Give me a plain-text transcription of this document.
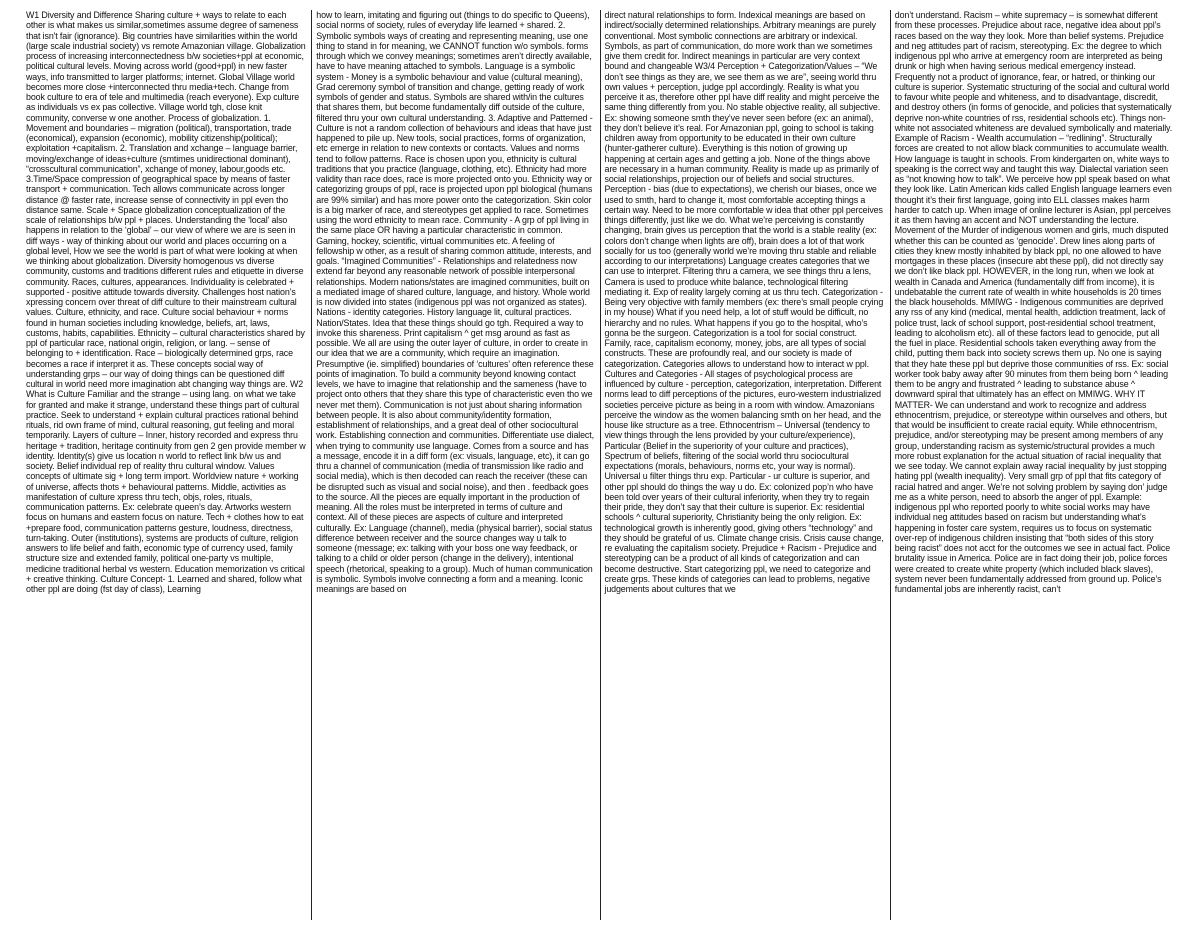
W1 Diversity and Difference Sharing culture + ways to relate to each other is what makes us similar,sometimes assume degree of sameness that isn't fair (ignorance). Big countries have similarities within the world (large scale industrial society) vs remote Amazonian village. Globalization process of increasing interconnectedness b/w societies+ppl at economic, political cultural levels. Moving across world (good+ppl) in new faster ways, info transmitted to larger platforms; internet. Global Village world becomes more close +interconnected thru media+tech. Change from book culture to era of tele and multimedia (reach everyone). Exp culture as individuals vs ex pas collective. Village world tgh, close knit community, converse w one another. Process of globalization. 1. Movement and boundaries – migration (political), transportation, trade (economical), expansion (economic), mobility citizenship(political); exploitation +capitalism. 2. Translation and xchange – language barrier, moving/exchange of ideas+culture (smtimes unidirectional dominant), “crosscultural communication”, xchange of money, labour,goods etc. 3.Time/Space compression of geographical space by means of faster transport + communication. Tech allows communicate across longer distance @ faster rate, increase sense of connectivity in ppl even tho distance same. Scale + Space globalization conceptualization of the scale of relationships b/w ppl + places. Understanding the ‘local’ also happens in relation to the ‘global’ – our view of where we are is seen in diff ways - way of thinking about our world and places occurring on a global level, How we see the world is part of what were looking at when we thinking about globalization. Diversity homogenous vs diverse community, customs and traditions different rules and etiquette in diverse community. Races, cultures, appearances. Individuality is celebrated + supported - positive attitude towards diversity. Challenges host nation’s xpressing concern over threat of diff culture to their mainstream cultural values. Culture, ethnicity, and race. Culture social behaviour + norms found in human societies including knowledge, beliefs, art, laws, customs, habits, capabilities. Ethnicity – cultural characteristics shared by ppl of particular race, national origin, religion, or lang. – sense of belonging to + identification. Race – biologically determined grps, race becomes a race if interpret it as. These concepts social way of understanding grps – our way of doing things can be questioned diff cultural in world need more imagination abt changing way things are. W2 What is Culture Familiar and the strange – using lang. on what we take for granted and make it strange, understand these things part of cultural practice. Seek to understand + explain cultural practices rational behind rituals, rid own frame of mind, cultural reasoning, gut feeling and moral temporarily. Layers of culture – Inner, history recorded and express thru heritage + tradition, heritage continuity from gen 2 gen provide member w identity. Identity(s) give us location n world to reflect link b/w us and society. Belief individual rep of reality thru cultural window. Values concepts of ultimate sig + long term import. Worldview nature + working of universe, affects thots + behavioural patterns. Middle, activities as manifestation of culture xpress thru tech, objs, roles, rituals, communication patterns. Ex: celebrate queen’s day. Artworks western focus on humans and eastern focus on nature. Tech + clothes how to eat +prepare food, communication patterns gesture, loudness, directness, turn-taking. Outer (institutions), systems are products of culture, religion answers to life belief and faith, economic type of currency used, family structure size and extended family, political one-party vs multiple, medicine traditional herbal vs western. Education memorization vs critical + creative thinking. Culture Concept- 1. Learned and shared, follow what other ppl are doing (fst day of class), Learning
how to learn, imitating and figuring out (things to do specific to Queens), social norms of society, rules of everyday life learned + shared. 2. Symbolic symbols ways of creating and representing meaning, use one thing to stand in for meaning, we CANNOT function w/o symbols. forms through which we convey meanings; sometimes aren’t directly available, have to have meaning attached to symbols. Language is a symbolic system - Money is a symbolic behaviour and value (cultural meaning), Grad ceremony symbol of transition and change, getting ready of work symbols of gender and status. Symbols are shared with/in the cultures that shares them, but become fundamentally diff outside of the culture, filtered thru your own cultural understanding. 3. Adaptive and Patterned - Culture is not a random collection of behaviours and ideas that have just happened to pile up. New tools, social practices, forms of organization, etc emerge in relation to new contexts or contacts. Values and norms tend to follow patterns. Race is chosen upon you, ethnicity is cultural traditions that you practice (language, clothing, etc). Ethnicity had more validity than race does, race is more projected onto you. Ethnicity way or categorizing groups of ppl, race is projected upon ppl biological (humans are 99% similar) and has more power onto the categorization. Skin color is a big marker of race, and stereotypes get applied to race. Sometimes using the word ethnicity to mean race. Community - A grp of ppl living in the same place OR having a particular characteristic in common. Gaming, hockey, scientific, virtual communities etc. A feeling of fellowship w other, as a result of sharing common attitude, interests, and goals. “Imagined Communities” - Relationships and relatedness now extend far beyond any reasonable network of possible interpersonal relationships. Modern nations/states are imagined communities, built on a mediated image of shared culture, language, and history. Whole world is now divided into states (indigenous ppl was not organized as states). Nations - identity categories. History language lit, cultural practices. Nation/States. Idea that these things should go tgh. Required a way to invoke this shareness. Print capitalism ^ get msg around as fast as possible. We all are using the outer layer of culture, in order to create in our idea that we are a community, which require an imagination. Presumptive (ie. simplified) boundaries of ‘cultures’ often reference these points of imagination. To build a community beyond knowing contact levels, we have to imagine that relationship and the sameness (have to project onto others that they share this type of characteristic even tho we never met them). Communication is not just about sharing information between people. It is also about community/identity formation, establishment of relationships, and a great deal of other sociocultural work. Establishing connection and communities. Differentiate use dialect, when trying to community use language. Comes from a source and has a message, encode it in a diff form (ex: visuals, language, etc), it can go thru a channel of communication (media of transmission like radio and social media), which is then decoded can reach the receiver (these can be disrupted such as visual and social noise), and then . feedback goes to the source. All the pieces are equally important in the production of meaning. All the roles must be interpreted in terms of culture and context. All of these pieces are aspects of culture and interpreted culturally. Ex: Language (channel), media (physical barrier), social status difference between receiver and the source changes way u talk to someone (message; ex: talking with your boss one way feedback, or talking to a child or older person (change in the delivery), intentional speech (rhetorical, speaking to a group). Much of human communication is symbolic. Symbols involve connecting a form and a meaning. Iconic meanings are based on
direct natural relationships to form. Indexical meanings are based on indirect/socially determined relationships. Arbitrary meanings are purely conventional. Most symbolic connections are arbitrary or indexical. Symbols, as part of communication, do more work than we sometimes give them credit for. Indirect meanings in particular are very context bound and changeable W3/4 Perception + Categorization/Values – “We don’t see things as they are, we see them as we are”, seeing world thru own values + perception, judge ppl accordingly. Reality is what you perceive it as, therefore other ppl have diff reality and might perceive the same thing differently from you. No stable objective reality, all subjective. Ex: showing someone smth they’ve never seen before (ex: an animal), they don’t believe it’s real. For Amazonian ppl, going to school is taking children away from opportunity to be educated in their own culture (hunter-gatherer culture). Everything is this notion of growing up happening at certain ages and getting a job. None of the things above are necessary in a human community. Reality is made up as primarily of social relationships, projection our of beliefs and social structures. Perception - bias (due to expectations), we cherish our biases, once we used to smth, hard to change it, most comfortable accepting things a certain way. Need to be more comfortable w idea that other ppl perceives things differently, just like we do. What we’re perceiving is constantly changing, brain gives us perception that the world is a stable reality (ex: colors don’t change when lights are off), brain does a lot of that work socially for us too (generally world we’re moving thru stable and reliable according to our interpretations) Language creates categories that we can use to interpret. Filtering thru a camera, we see things thru a lens, Camera is used to produce white balance, technological filtering mediating it. Exp of reality largely coming at us thru tech. Categorization - Being very objective with family members (ex: there’s small people crying in my house) What if you need help, a lot of stuff would be difficult, no hierarchy and no rules. What happens if you go to the hospital, who’s gonna be the surgeon. Categorization is a tool for social construct. Family, race, capitalism economy, money, jobs, are all types of social constructs. These are profoundly real, and our society is made of categorization. Categories allows to understand how to interact w ppl. Cultures and Categories - All stages of psychological process are influenced by culture - perception, categorization, interpretation. Different norms lead to diff perceptions of the pictures, euro-western industrialized societies perceive picture as being in a room with window. Amazonians perceive the window as the women balancing smth on her head, and the house like structure as a tree. Ethnocentrism – Universal (tendency to view things through the lens provided by your culture/experience), Particular (Belief in the superiority of your culture and practices), Spectrum of beliefs, filtering of the social world thru sociocultural expectations (morals, behaviours, norms etc, your way is normal). Universal u filter things thru exp. Particular - ur culture is superior, and other ppl should do things the way u do. Ex: colonized pop’n who have been told over years of their cultural inferiority, when they try to regain their pride, they don’t say that their culture is superior. Ex: residential schools ^ cultural superiority, Christianity being the only religion. Ex: technological growth is inherently good, giving others “technology” and they should be grateful of us. Climate change crisis. Crisis cause change, re evaluating the capitalism society. Prejudice + Racism - Prejudice and stereotyping can be a product of all kinds of categorization and can become destructive. Start categorizing ppl, we need to categorize and create grps. These kinds of categories can lead to problems, negative judgements about cultures that we
don’t understand. Racism – white supremacy – is somewhat different from these processes. Prejudice about race, negative idea about ppl’s races based on the way they look. More than belief systems. Prejudice and neg attitudes part of racism, stereotyping. Ex: the degree to which indigenous ppl who arrive at emergency room are interpreted as being drunk or high when having serious medical emergency instead. Frequently not a product of ignorance, fear, or hatred, or thinking our culture is superior. Systematic structuring of the social and cultural world to favour white people and whiteness, and to disadvantage, discredit, and destroy others (in forms of genocide, and policies that systematically deprive non-white countries of rss, residential schools etc). Things non-white not associated whiteness are devalued symbolically and materially. Example of Racism - Wealth accumulation – “redlining”. Structurally forces are created to not allow black communities to accumulate wealth. How language is taught in schools. From kindergarten on, white ways to speaking is the correct way and taught this way. Dialectal variation seen as “not knowing how to talk”. We perceive how ppl speak based on what they look like. Latin American kids called English language learners even thought it’s their first language, going into ELL classes makes harm harder to catch up. When image of online lecturer is Asian, ppl perceives it as them having an accent and NOT understanding the lecture. Movement of the Murder of indigenous women and girls, much disputed whether this can be counted as ‘genocide’. Drew lines along parts of cities they knew mostly inhabited by black ppl, no one allowed to have mortgages in these places (insecure abt these ppl), did not directly say we don’t like black ppl. HOWEVER, in the long run, when we look at wealth in Canada and America (fundamentally diff from income), it is undebatable the current rate of wealth in white households is 20 times the black households. MMIWG - Indigenous communities are deprived any rss of any kind (medical, mental health, addiction treatment, lack of police trust, lack of school support, post-residential school treatment, leading to alcoholism etc). all of these factors lead to genocide, put all the fuel in place. Residential schools taken everything away from the child, putting them back into society screws them up. No one is saying that they hate these ppl but deprive those communities of rss. Ex: social worker took baby away after 90 minutes from them being born ^ leading them to be angry and frustrated ^ leading to substance abuse ^ downward spiral that ultimately has an effect on MMIWG. WHY IT MATTER- We can understand and work to recognize and address ethnocentrism, prejudice, or stereotype within ourselves and others, but that would be insufficient to create racial equity. While ethnocentrism, prejudice, and/or stereotyping may be present among members of any group, understanding racism as systemic/structural provides a much more robust explanation for the actual situation of racial inequality that we see today. We cannot explain away racial inequality by just stopping hating ppl (wealth inequality). Very small grp of ppl that fits category of racial hatred and anger. We’re not solving problem by saying don’ judge me as a white person, need to absorb the anger of ppl. Example: indigenous ppl who reported poorly to white social works may have individual neg attitudes based on racism but understanding what’s happening in foster care system, requires us to focus on systematic over-rep of indigenous children insisting that “both sides of this story being racist” does not acct for the outcomes we see in actual fact. Police brutality issue in America. Police are in fact doing their job, police forces were created to create white property (which included black slaves), system never been fundamentally addressed from ground up. Police’s fundamental jobs are inherently racist, can’t
